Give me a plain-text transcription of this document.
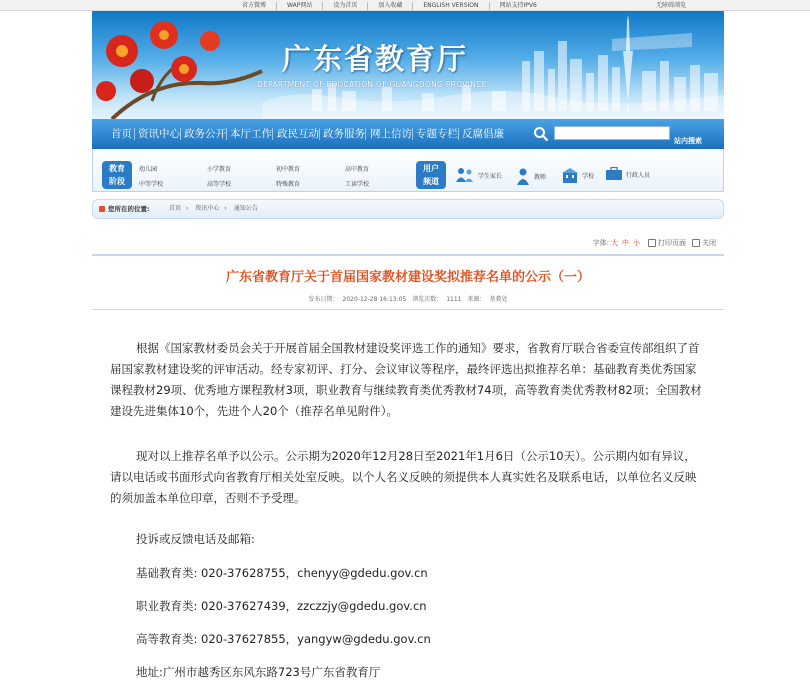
省方微博	WAP网站	设为首页	加入收藏	ENGLISH VERSION	网站支持IPV6	无障碍浏览
广东省教育厅
DEPARTMENT OF EDUCATION OF GUANGDONG PROVINCE
首页 资讯中心 政务公开 本厅工作 政民互动 政务服务 网上信访 专题专栏 反腐倡廉
站内搜索
教育
阶段
幼儿园	小学教育	初中教育	高中教育
中等学校	高等学校	特殊教育	工读学校
用户
频道
学生家长	教师	学校	行政人员
您所在的位置:	首页 › 资讯中心 › 通知公告
字体: 大 中 小	打印页面 关闭
广东省教育厅关于首届国家教材建设奖拟推荐名单的公示（一）
发布日期： 2020-12-28 16:13:05 浏览次数： 1111 来源： 基教处
根据《国家教材委员会关于开展首届全国教材建设奖评选工作的通知》要求，省教育厅联合省委宣传部组织了首届国家教材建设奖的评审活动。经专家初评、打分、会议审议等程序，最终评选出拟推荐名单：基础教育类优秀国家课程教材29项、优秀地方课程教材3项，职业教育与继续教育类优秀教材74项，高等教育类优秀教材82项；全国教材建设先进集体10个，先进个人20个（推荐名单见附件）。
现对以上推荐名单予以公示。公示期为2020年12月28日至2021年1月6日（公示10天）。公示期内如有异议，请以电话或书面形式向省教育厅相关处室反映。以个人名义反映的须提供本人真实姓名及联系电话，以单位名义反映的须加盖本单位印章，否则不予受理。
投诉或反馈电话及邮箱:
基础教育类: 020-37628755，chenyy@gdedu.gov.cn
职业教育类: 020-37627439，zzczzjy@gdedu.gov.cn
高等教育类: 020-37627855，yangyw@gdedu.gov.cn
地址:广州市越秀区东风东路723号广东省教育厅
